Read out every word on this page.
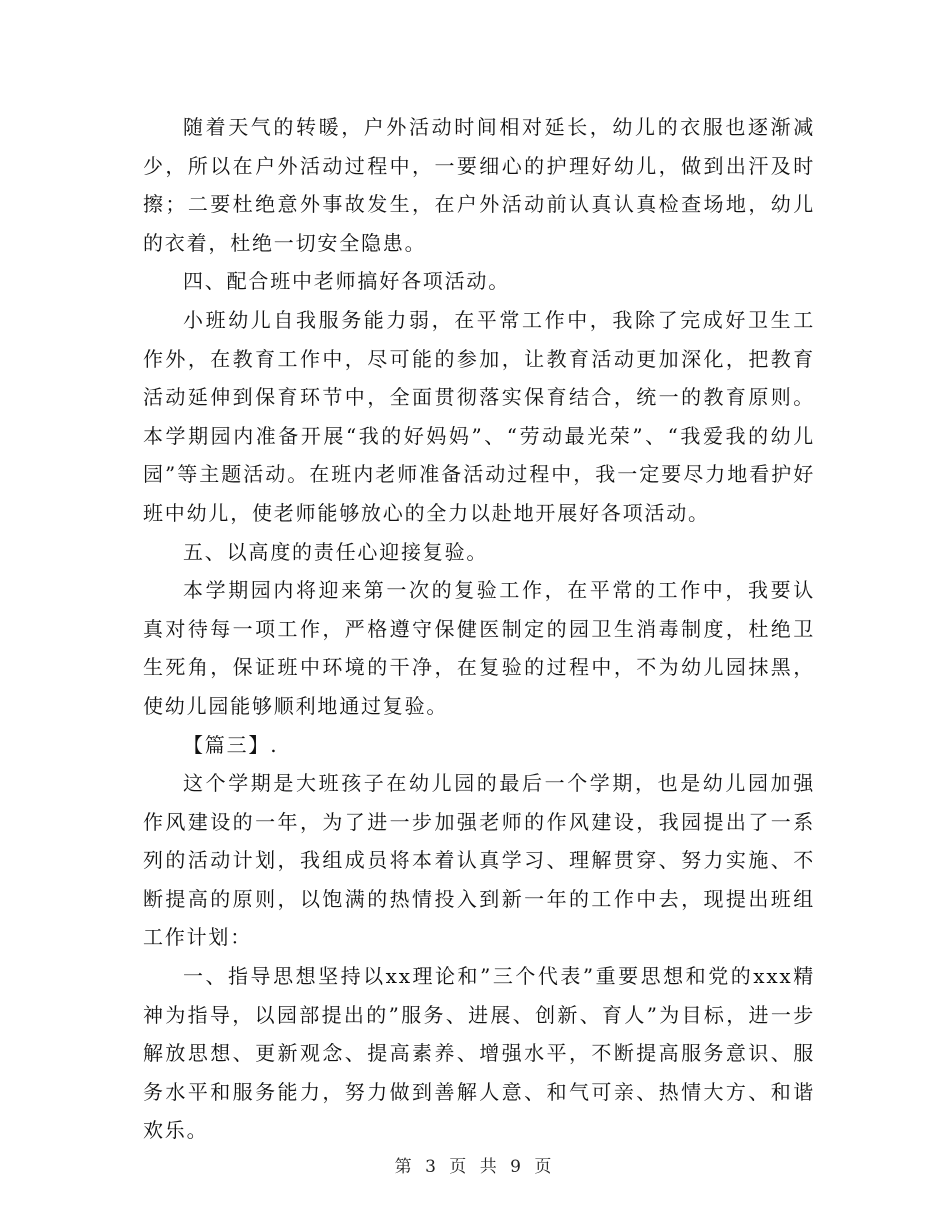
随着天气的转暖，户外活动时间相对延长，幼儿的衣服也逐渐减少，所以在户外活动过程中，一要细心的护理好幼儿，做到出汗及时擦；二要杜绝意外事故发生，在户外活动前认真认真检查场地，幼儿的衣着，杜绝一切安全隐患。

四、配合班中老师搞好各项活动。

小班幼儿自我服务能力弱，在平常工作中，我除了完成好卫生工作外，在教育工作中，尽可能的参加，让教育活动更加深化，把教育活动延伸到保育环节中，全面贯彻落实保育结合，统一的教育原则。本学期园内准备开展“我的好妈妈”、“劳动最光荣”、“我爱我的幼儿园”等主题活动。在班内老师准备活动过程中，我一定要尽力地看护好班中幼儿，使老师能够放心的全力以赴地开展好各项活动。

五、以高度的责任心迎接复验。

本学期园内将迎来第一次的复验工作，在平常的工作中，我要认真对待每一项工作，严格遵守保健医制定的园卫生消毒制度，杜绝卫生死角，保证班中环境的干净，在复验的过程中，不为幼儿园抹黑，使幼儿园能够顺利地通过复验。

【篇三】.

这个学期是大班孩子在幼儿园的最后一个学期，也是幼儿园加强作风建设的一年，为了进一步加强老师的作风建设，我园提出了一系列的活动计划，我组成员将本着认真学习、理解贯穿、努力实施、不断提高的原则，以饱满的热情投入到新一年的工作中去，现提出班组工作计划：

一、指导思想坚持以xx理论和”三个代表”重要思想和党的xxx精神为指导，以园部提出的”服务、进展、创新、育人”为目标，进一步解放思想、更新观念、提高素养、增强水平，不断提高服务意识、服务水平和服务能力，努力做到善解人意、和气可亲、热情大方、和谐欢乐。

第 3 页 共 9 页
